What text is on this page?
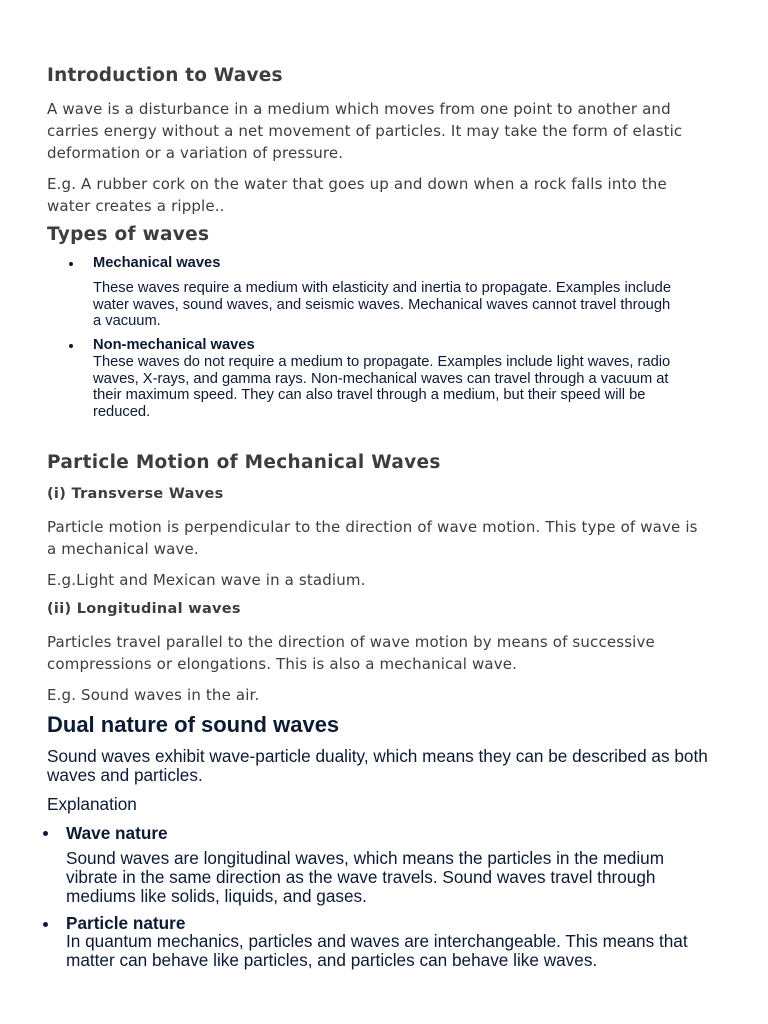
Introduction to Waves

A wave is a disturbance in a medium which moves from one point to another and

carries energy without a net movement of particles. It may take the form of elastic

deformation or a variation of pressure.

E.g. A rubber cork on the water that goes up and down when a rock falls into the

water creates a ripple..

Types of waves
Mechanical waves

These waves require a medium with elasticity and inertia to propagate. Examples include

water waves, sound waves, and seismic waves. Mechanical waves cannot travel through

a vacuum.

Non-mechanical waves

These waves do not require a medium to propagate. Examples include light waves, radio

waves, X-rays, and gamma rays. Non-mechanical waves can travel through a vacuum at

their maximum speed. They can also travel through a medium, but their speed will be

reduced.

Particle Motion of Mechanical Waves
(i) Transverse Waves

Particle motion is perpendicular to the direction of wave motion. This type of wave is

a mechanical wave.

E.g.Light and Mexican wave in a stadium.

(ii) Longitudinal waves

Particles travel parallel to the direction of wave motion by means of successive

compressions or elongations. This is also a mechanical wave.

E.g. Sound waves in the air.

Dual nature of sound waves

Sound waves exhibit wave-particle duality, which means they can be described as both

waves and particles.

Explanation

Wave nature

Sound waves are longitudinal waves, which means the particles in the medium

vibrate in the same direction as the wave travels. Sound waves travel through

mediums like solids, liquids, and gases.

Particle nature

In quantum mechanics, particles and waves are interchangeable. This means that

matter can behave like particles, and particles can behave like waves.
